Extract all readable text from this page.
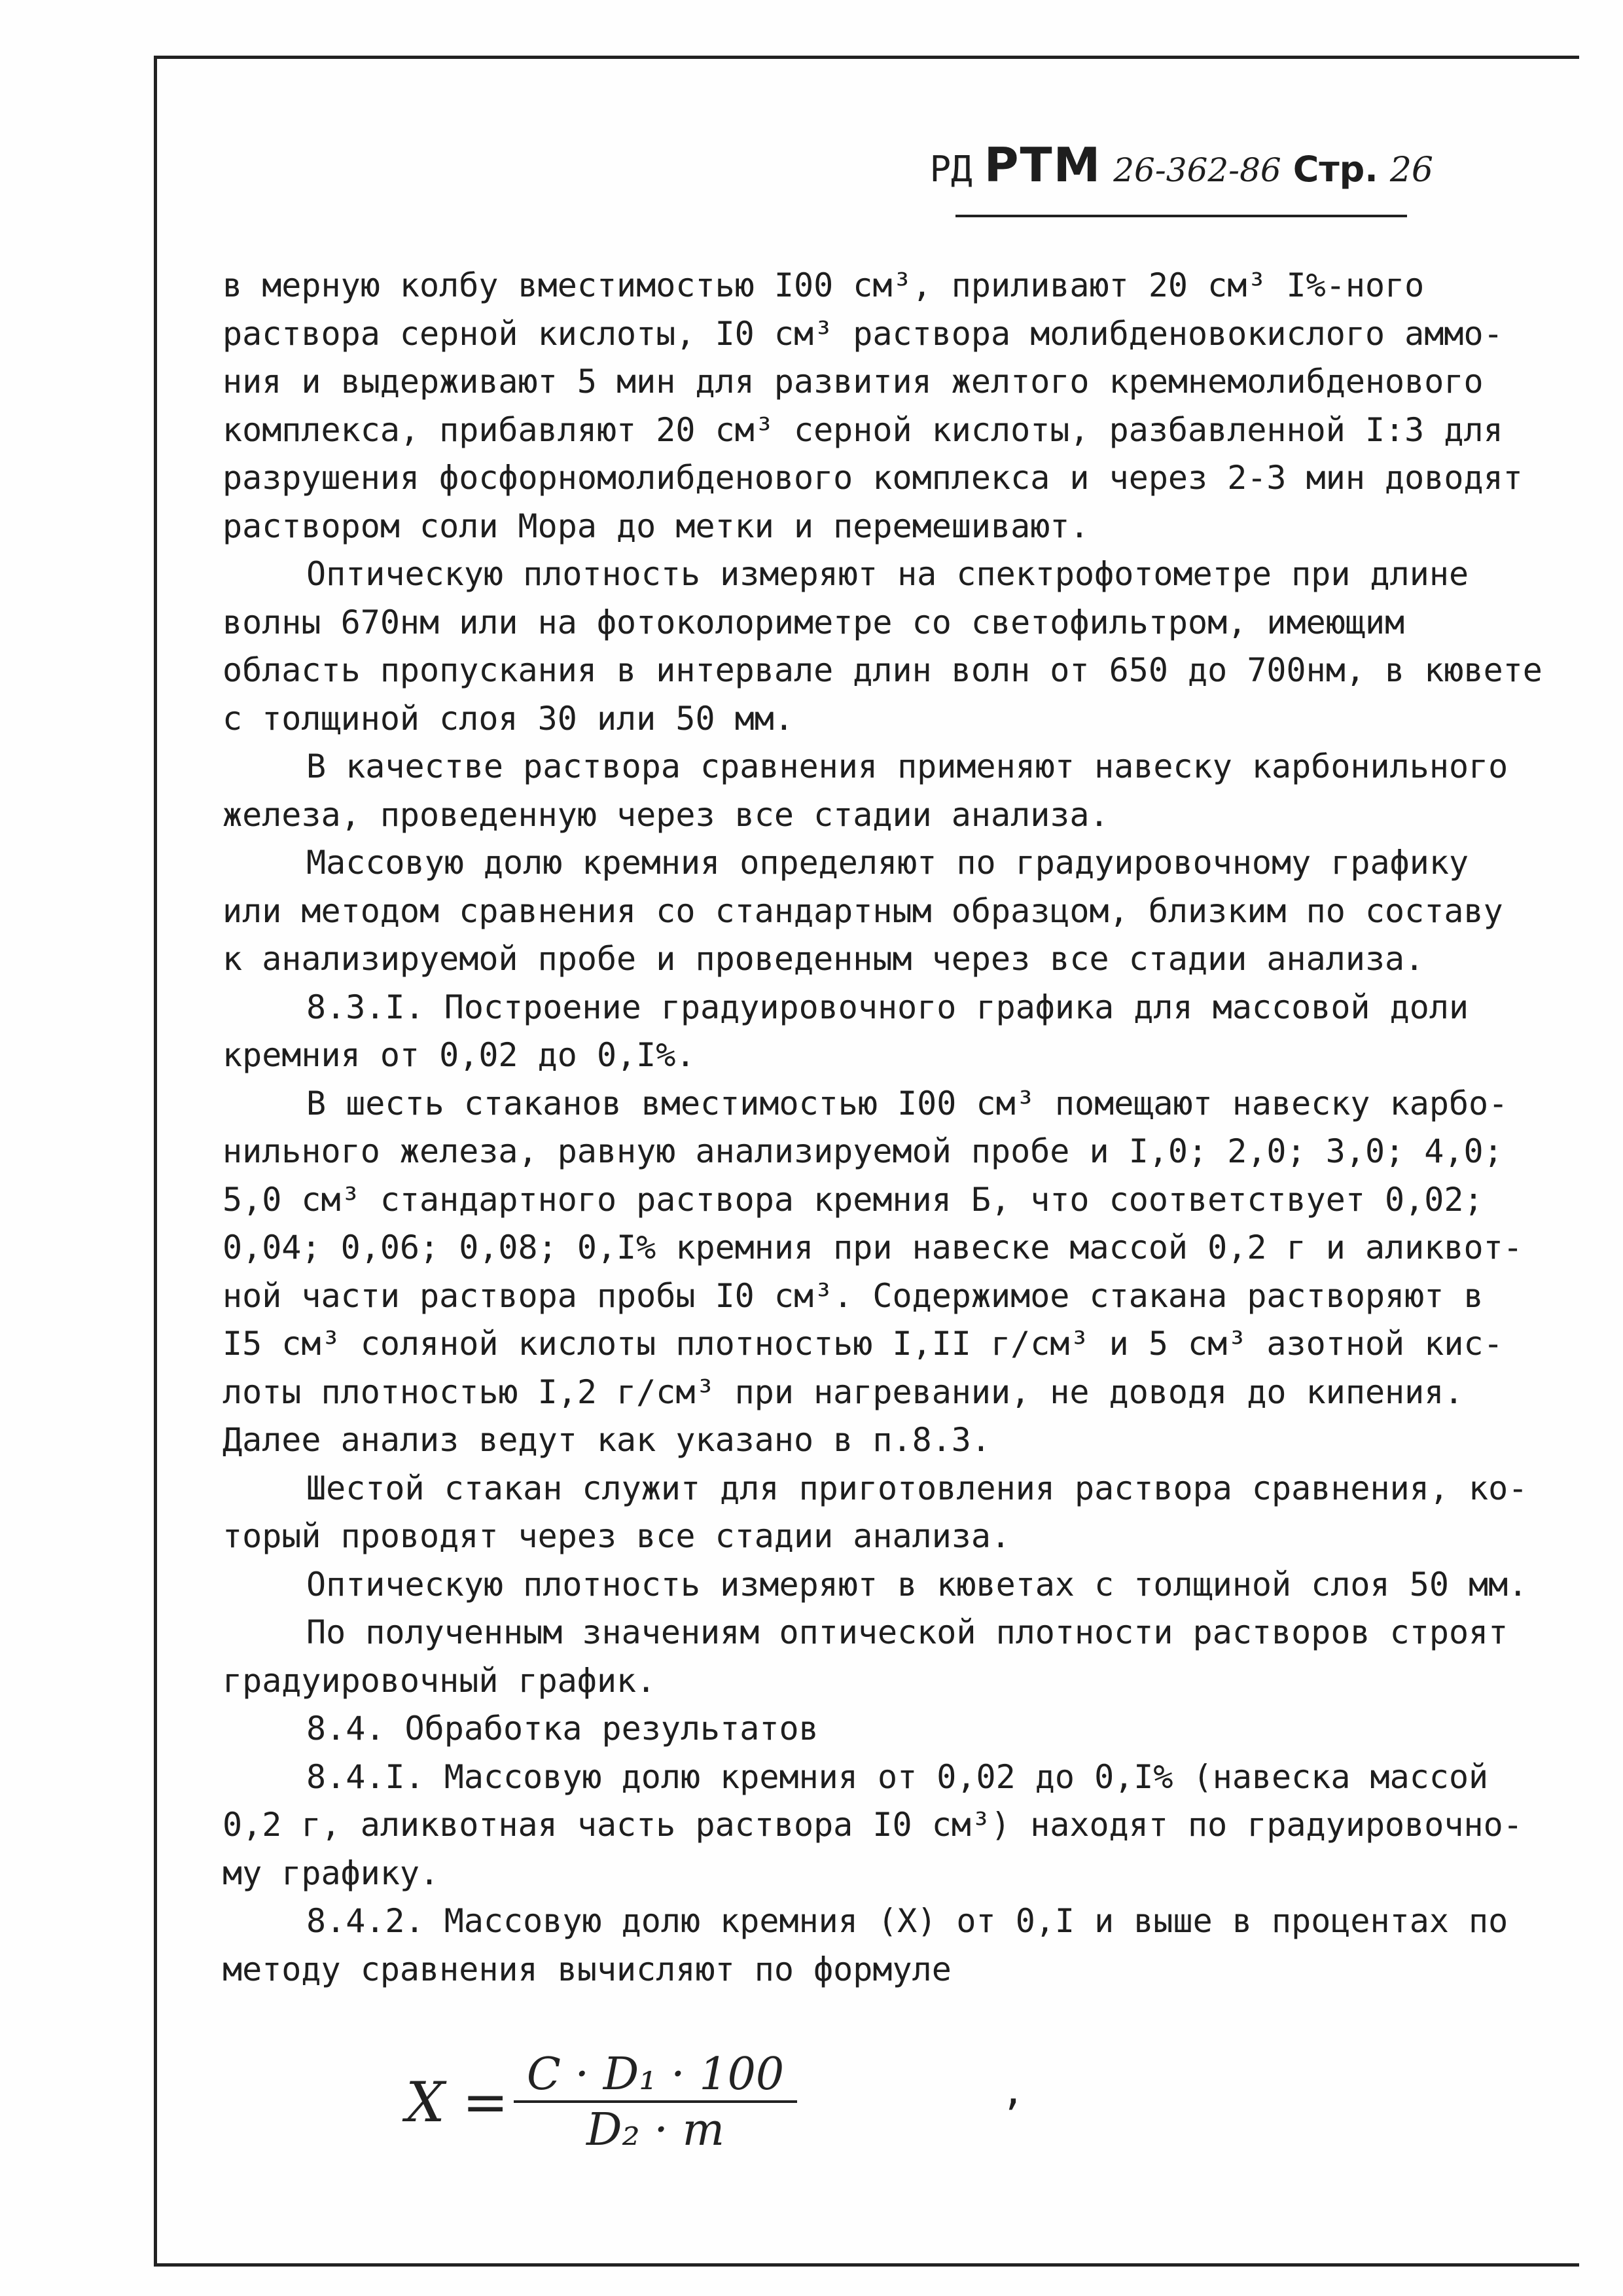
РД РТМ 26-362-86 Стр. 26
в мерную колбу вместимостью I00 см³, приливают 20 см³ I%-ного
раствора серной кислоты, I0 см³ раствора молибденовокислого аммо-
ния и выдерживают 5 мин для развития желтого кремнемолибденового
комплекса, прибавляют 20 см³ серной кислоты, разбавленной I:3 для
разрушения фосфорномолибденового комплекса и через 2-3 мин доводят
раствором соли Мора до метки и перемешивают.
Оптическую плотность измеряют на спектрофотометре при длине
волны 670нм или на фотоколориметре со светофильтром, имеющим
область пропускания в интервале длин волн от 650 до 700нм, в кювете
с толщиной слоя 30 или 50 мм.
В качестве раствора сравнения применяют навеску карбонильного
железа, проведенную через все стадии анализа.
Массовую долю кремния определяют по градуировочному графику
или методом сравнения со стандартным образцом, близким по составу
к анализируемой пробе и проведенным через все стадии анализа.
8.3.I. Построение градуировочного графика для массовой доли
кремния от 0,02 до 0,I%.
В шесть стаканов вместимостью I00 см³ помещают навеску карбо-
нильного железа, равную анализируемой пробе и I,0; 2,0; 3,0; 4,0;
5,0 см³ стандартного раствора кремния Б, что соответствует 0,02;
0,04; 0,06; 0,08; 0,I% кремния при навеске массой 0,2 г и аликвот-
ной части раствора пробы I0 см³. Содержимое стакана растворяют в
I5 см³ соляной кислоты плотностью I,II г/см³ и 5 см³ азотной кис-
лоты плотностью I,2 г/см³ при нагревании, не доводя до кипения.
Далее анализ ведут как указано в п.8.3.
Шестой стакан служит для приготовления раствора сравнения, ко-
торый проводят через все стадии анализа.
Оптическую плотность измеряют в кюветах с толщиной слоя 50 мм.
По полученным значениям оптической плотности растворов строят
градуировочный график.
8.4. Обработка результатов
8.4.I. Массовую долю кремния от 0,02 до 0,I% (навеска массой
0,2 г, аликвотная часть раствора I0 см³) находят по градуировочно-
му графику.
8.4.2. Массовую долю кремния (X) от 0,I и выше в процентах по
методу сравнения вычисляют по формуле
$X = \frac{\text{C · D₁ · 100}}{\text{D₂ · m}}$	,
